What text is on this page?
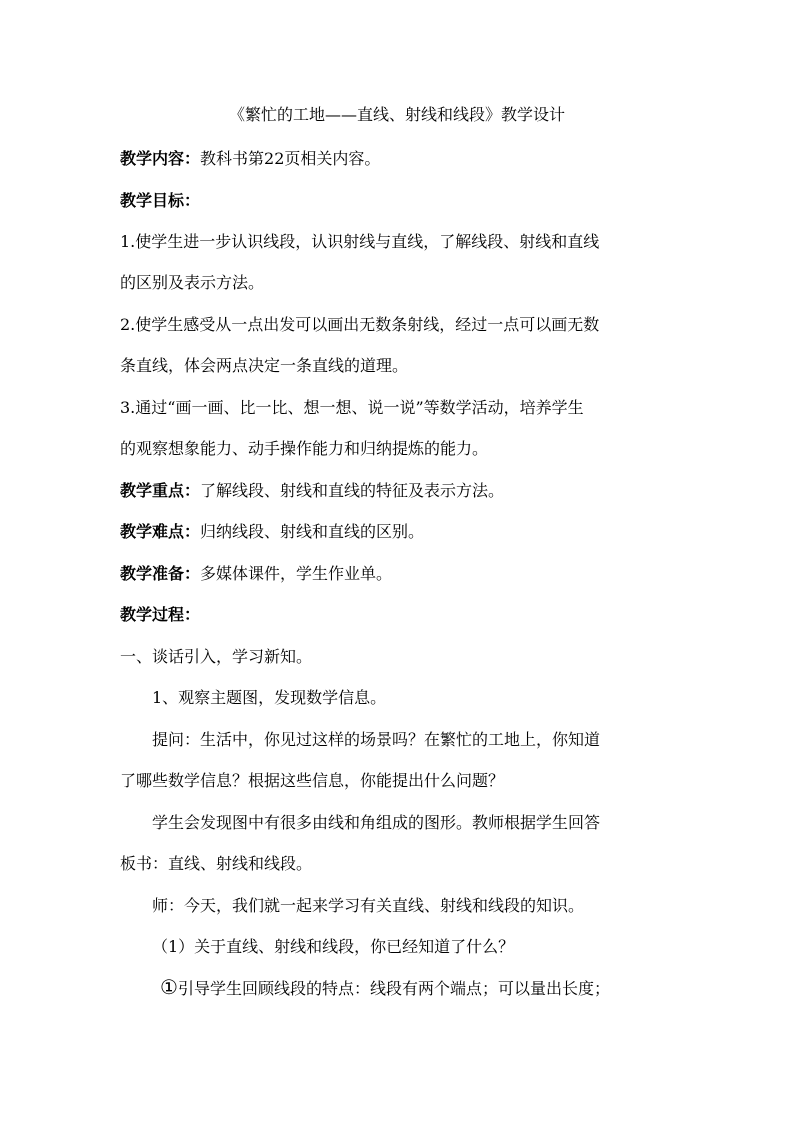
《繁忙的工地——直线、射线和线段》教学设计
教学内容：教科书第22页相关内容。
教学目标：
1.使学生进一步认识线段，认识射线与直线，了解线段、射线和直线
的区别及表示方法。
2.使学生感受从一点出发可以画出无数条射线，经过一点可以画无数
条直线，体会两点决定一条直线的道理。
3.通过“画一画、比一比、想一想、说一说”等数学活动，培养学生
的观察想象能力、动手操作能力和归纳提炼的能力。
教学重点：了解线段、射线和直线的特征及表示方法。
教学难点：归纳线段、射线和直线的区别。
教学准备：多媒体课件，学生作业单。
教学过程：
一、谈话引入，学习新知。
1、观察主题图，发现数学信息。
提问：生活中，你见过这样的场景吗？在繁忙的工地上，你知道
了哪些数学信息？根据这些信息，你能提出什么问题？
学生会发现图中有很多由线和角组成的图形。教师根据学生回答
板书：直线、射线和线段。
师：今天，我们就一起来学习有关直线、射线和线段的知识。
（1）关于直线、射线和线段，你已经知道了什么？
①引导学生回顾线段的特点：线段有两个端点；可以量出长度；
